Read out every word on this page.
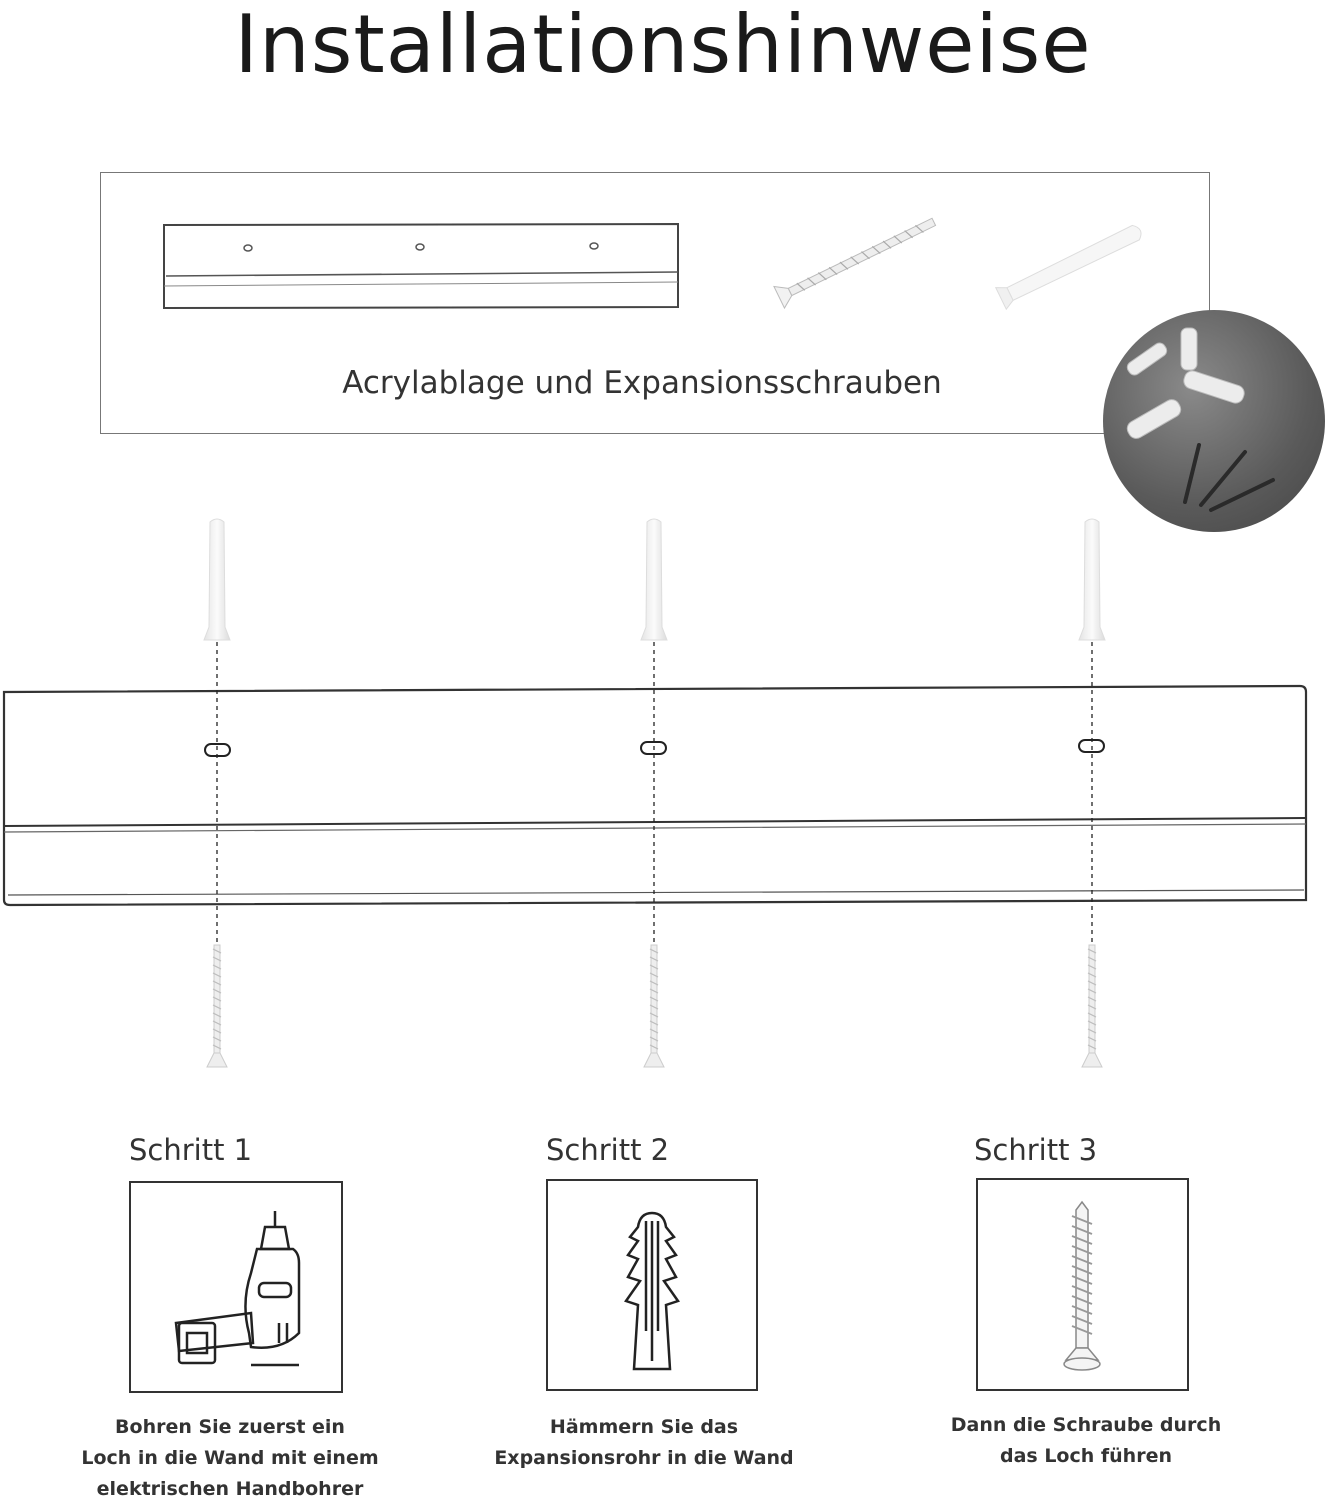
Installationshinweise
Acrylablage und Expansionsschrauben
Schritt 1	Schritt 2	Schritt 3
Bohren Sie zuerst ein
Loch in die Wand mit einem
elektrischen Handbohrer
Hämmern Sie das
Expansionsrohr in die Wand
Dann die Schraube durch
das Loch führen
